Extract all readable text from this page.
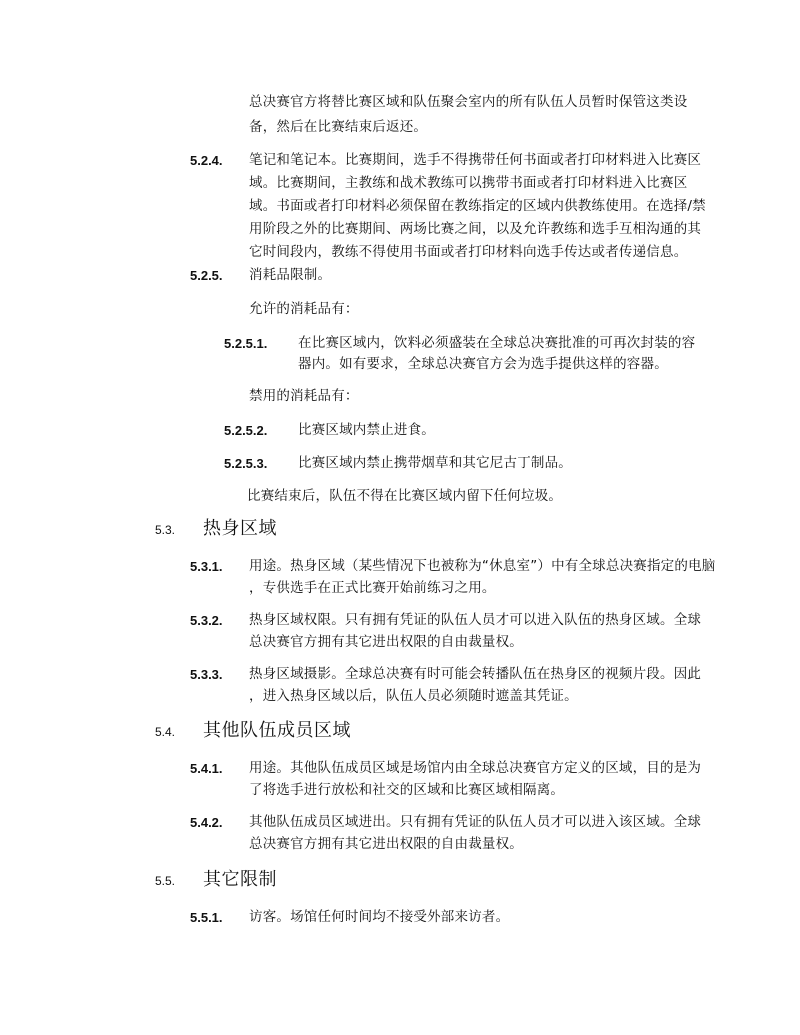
总决赛官方将替比赛区域和队伍聚会室内的所有队伍人员暂时保管这类设
备，然后在比赛结束后返还。
5.2.4. 笔记和笔记本。比赛期间，选手不得携带任何书面或者打印材料进入比赛区
域。比赛期间，主教练和战术教练可以携带书面或者打印材料进入比赛区
域。书面或者打印材料必须保留在教练指定的区域内供教练使用。在选择/禁
用阶段之外的比赛期间、两场比赛之间，以及允许教练和选手互相沟通的其
它时间段内，教练不得使用书面或者打印材料向选手传达或者传递信息。
5.2.5. 消耗品限制。
允许的消耗品有：
5.2.5.1. 在比赛区域内，饮料必须盛装在全球总决赛批准的可再次封装的容
器内。如有要求，全球总决赛官方会为选手提供这样的容器。
禁用的消耗品有：
5.2.5.2. 比赛区域内禁止进食。
5.2.5.3. 比赛区域内禁止携带烟草和其它尼古丁制品。
比赛结束后，队伍不得在比赛区域内留下任何垃圾。
5.3. 热身区域
5.3.1. 用途。热身区域（某些情况下也被称为“休息室”）中有全球总决赛指定的电脑
，专供选手在正式比赛开始前练习之用。
5.3.2. 热身区域权限。只有拥有凭证的队伍人员才可以进入队伍的热身区域。全球
总决赛官方拥有其它进出权限的自由裁量权。
5.3.3. 热身区域摄影。全球总决赛有时可能会转播队伍在热身区的视频片段。因此
，进入热身区域以后，队伍人员必须随时遮盖其凭证。
5.4. 其他队伍成员区域
5.4.1. 用途。其他队伍成员区域是场馆内由全球总决赛官方定义的区域，目的是为
了将选手进行放松和社交的区域和比赛区域相隔离。
5.4.2. 其他队伍成员区域进出。只有拥有凭证的队伍人员才可以进入该区域。全球
总决赛官方拥有其它进出权限的自由裁量权。
5.5. 其它限制
5.5.1. 访客。场馆任何时间均不接受外部来访者。
